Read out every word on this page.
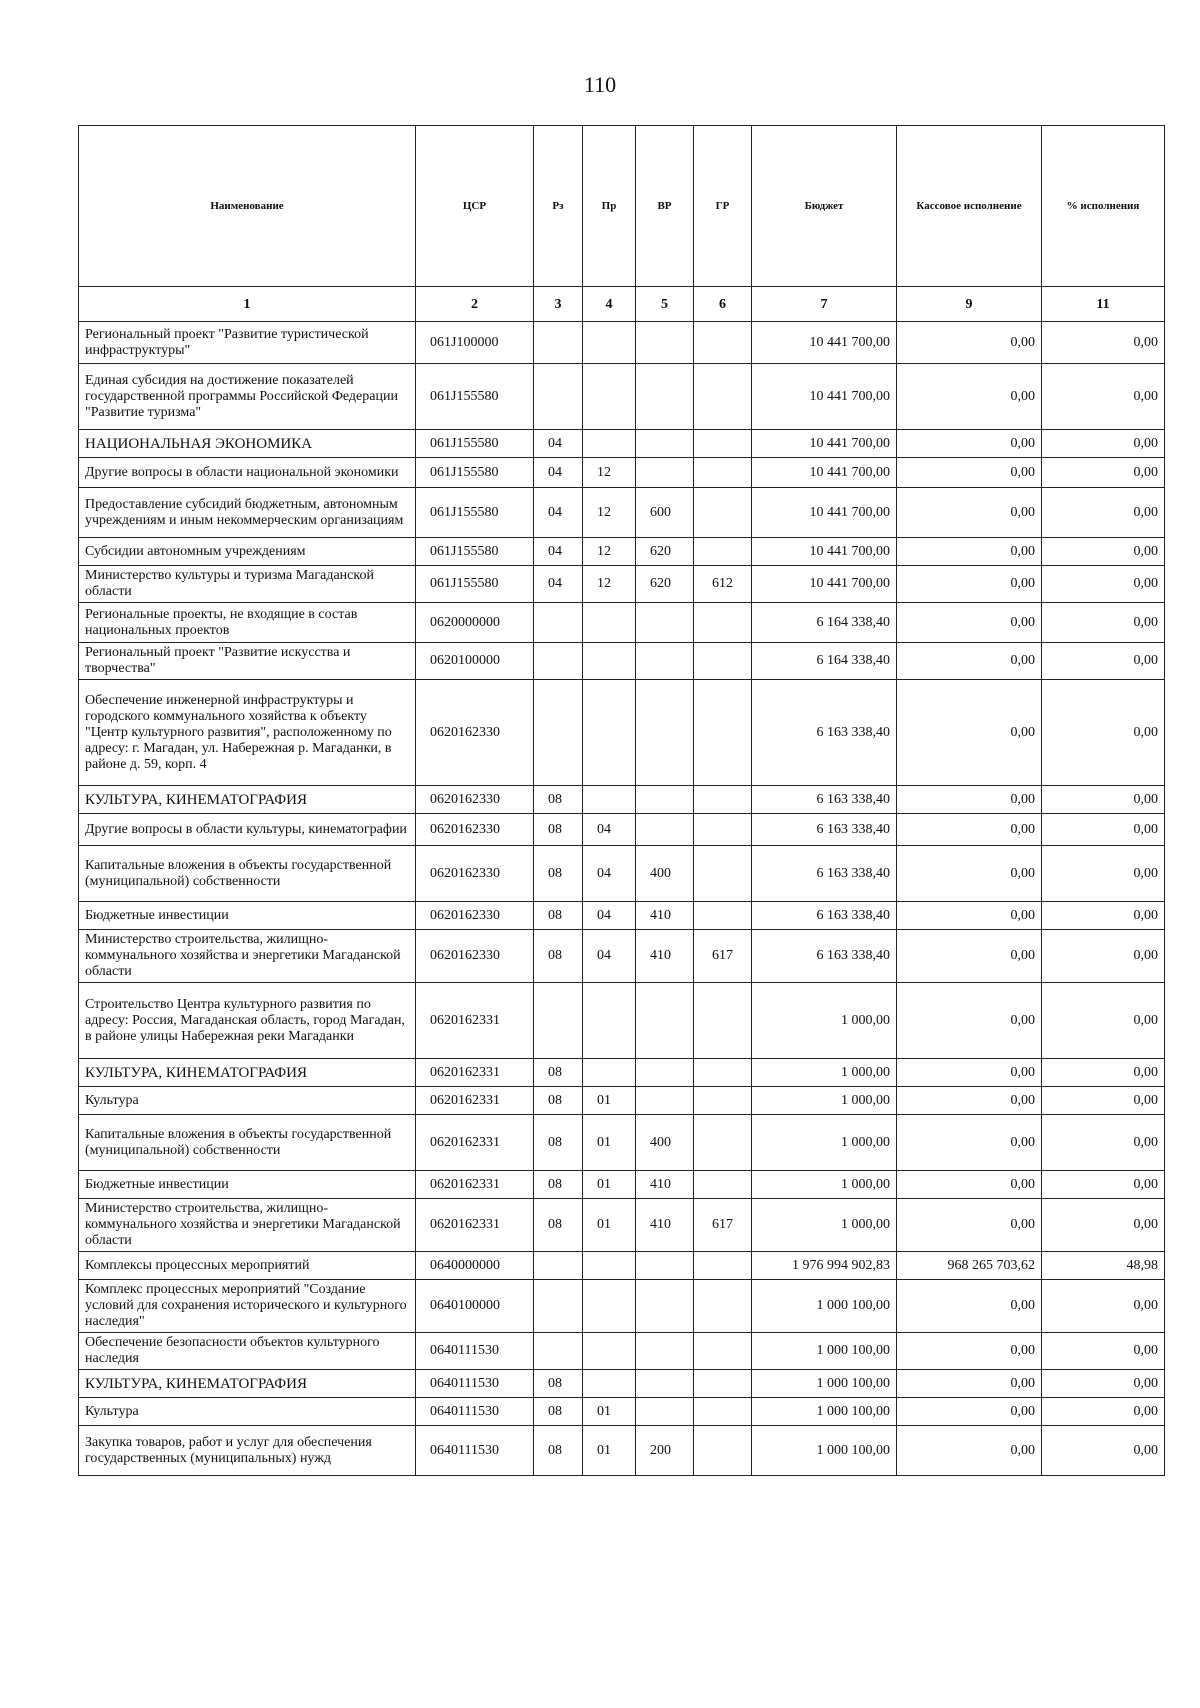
110
Наименование	ЦСР	Рз	Пр	ВР	ГР	Бюджет	Кассовое исполнение	% исполнения
1	2	3	4	5	6	7	9	11
Региональный проект "Развитие туристической инфраструктуры"	061J100000					10 441 700,00	0,00	0,00
Единая субсидия на достижение показателей государственной программы Российской Федерации "Развитие туризма"	061J155580					10 441 700,00	0,00	0,00
НАЦИОНАЛЬНАЯ ЭКОНОМИКА	061J155580	04				10 441 700,00	0,00	0,00
Другие вопросы в области национальной экономики	061J155580	04	12			10 441 700,00	0,00	0,00
Предоставление субсидий бюджетным, автономным учреждениям и иным некоммерческим организациям	061J155580	04	12	600		10 441 700,00	0,00	0,00
Субсидии автономным учреждениям	061J155580	04	12	620		10 441 700,00	0,00	0,00
Министерство культуры и туризма Магаданской области	061J155580	04	12	620	612	10 441 700,00	0,00	0,00
Региональные проекты, не входящие в состав национальных проектов	0620000000					6 164 338,40	0,00	0,00
Региональный проект "Развитие искусства и творчества"	0620100000					6 164 338,40	0,00	0,00
Обеспечение инженерной инфраструктуры и городского коммунального хозяйства к объекту "Центр культурного развития", расположенному по адресу: г. Магадан, ул. Набережная р. Магаданки, в районе д. 59, корп. 4	0620162330					6 163 338,40	0,00	0,00
КУЛЬТУРА, КИНЕМАТОГРАФИЯ	0620162330	08				6 163 338,40	0,00	0,00
Другие вопросы в области культуры, кинематографии	0620162330	08	04			6 163 338,40	0,00	0,00
Капитальные вложения в объекты государственной (муниципальной) собственности	0620162330	08	04	400		6 163 338,40	0,00	0,00
Бюджетные инвестиции	0620162330	08	04	410		6 163 338,40	0,00	0,00
Министерство строительства, жилищно-коммунального хозяйства и энергетики Магаданской области	0620162330	08	04	410	617	6 163 338,40	0,00	0,00
Строительство Центра культурного развития по адресу: Россия, Магаданская область, город Магадан, в районе улицы Набережная реки Магаданки	0620162331					1 000,00	0,00	0,00
КУЛЬТУРА, КИНЕМАТОГРАФИЯ	0620162331	08				1 000,00	0,00	0,00
Культура	0620162331	08	01			1 000,00	0,00	0,00
Капитальные вложения в объекты государственной (муниципальной) собственности	0620162331	08	01	400		1 000,00	0,00	0,00
Бюджетные инвестиции	0620162331	08	01	410		1 000,00	0,00	0,00
Министерство строительства, жилищно-коммунального хозяйства и энергетики Магаданской области	0620162331	08	01	410	617	1 000,00	0,00	0,00
Комплексы процессных мероприятий	0640000000					1 976 994 902,83	968 265 703,62	48,98
Комплекс процессных мероприятий "Создание условий для сохранения исторического и культурного наследия"	0640100000					1 000 100,00	0,00	0,00
Обеспечение безопасности объектов культурного наследия	0640111530					1 000 100,00	0,00	0,00
КУЛЬТУРА, КИНЕМАТОГРАФИЯ	0640111530	08				1 000 100,00	0,00	0,00
Культура	0640111530	08	01			1 000 100,00	0,00	0,00
Закупка товаров, работ и услуг для обеспечения государственных (муниципальных) нужд	0640111530	08	01	200		1 000 100,00	0,00	0,00
